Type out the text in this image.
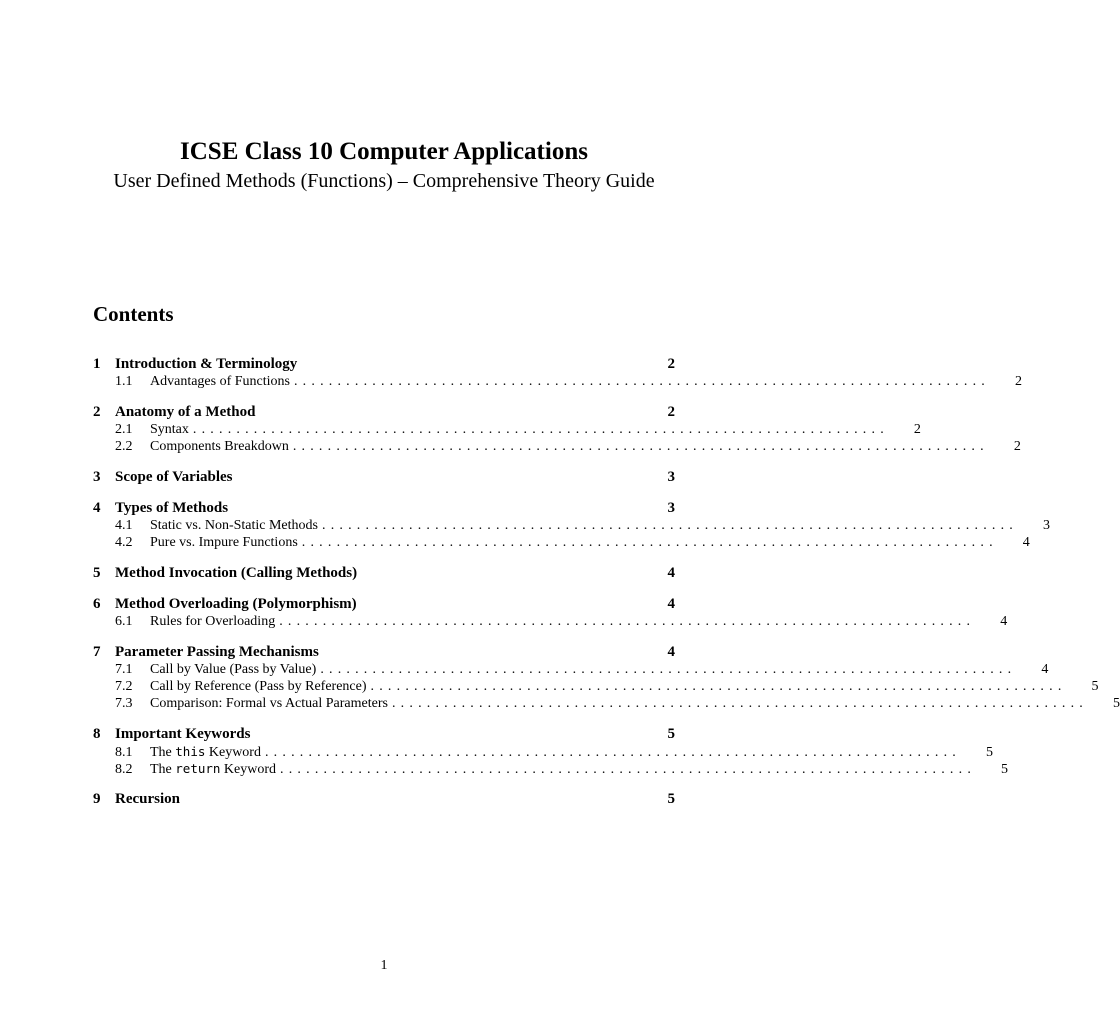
ICSE Class 10 Computer Applications
User Defined Methods (Functions) – Comprehensive Theory Guide
Contents
1 Introduction & Terminology	2
1.1	Advantages of Functions ................................................................................	2
2 Anatomy of a Method	2
2.1	Syntax ................................................................................	2
2.2	Components Breakdown ................................................................................	2
3 Scope of Variables	3
4 Types of Methods	3
4.1	Static vs. Non-Static Methods ................................................................................	3
4.2	Pure vs. Impure Functions ................................................................................	4
5 Method Invocation (Calling Methods)	4
6 Method Overloading (Polymorphism)	4
6.1	Rules for Overloading ................................................................................	4
7 Parameter Passing Mechanisms	4
7.1	Call by Value (Pass by Value) ................................................................................	4
7.2	Call by Reference (Pass by Reference) ................................................................................	5
7.3	Comparison: Formal vs Actual Parameters ................................................................................	5
8 Important Keywords	5
8.1	The this Keyword ................................................................................	5
8.2	The return Keyword ................................................................................	5
9 Recursion	5
1
